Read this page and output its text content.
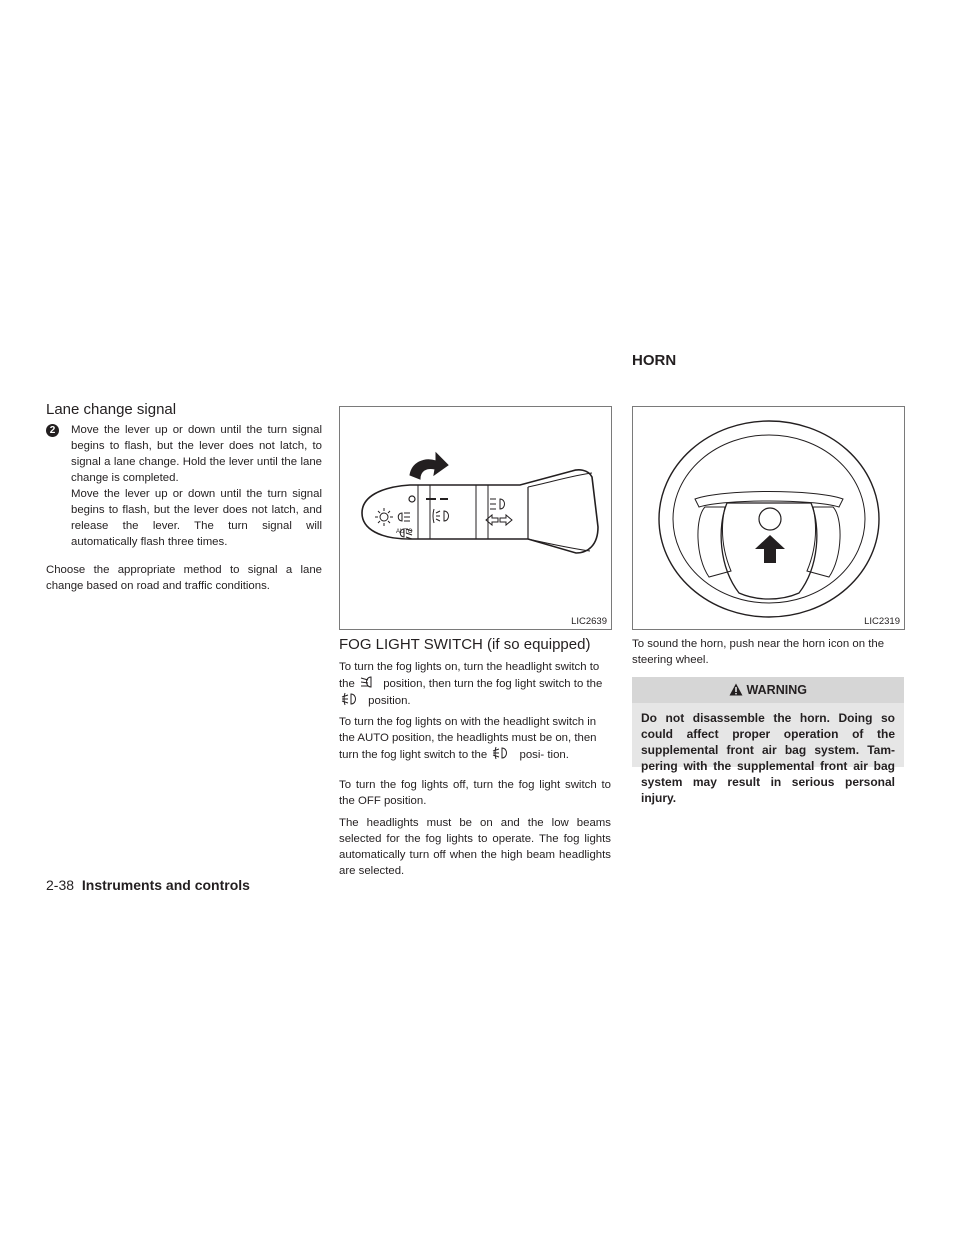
HORN
Lane change signal
2	Move the lever up or down until the turn signal begins to flash, but the lever does not latch, to signal a lane change. Hold the lever until the lane change is completed.
Move the lever up or down until the turn signal begins to flash, but the lever does not latch, and release the lever. The turn signal will automatically flash three times.
Choose the appropriate method to signal a lane change based on road and traffic conditions.
AUTO
LIC2639
FOG LIGHT SWITCH (if so equipped)
To turn the fog lights on, turn the headlight switch to the position, then turn the fog light switch to the  position.
To turn the fog lights on with the headlight switch in the AUTO position, the headlights must be on, then turn the fog light switch to the	posi- tion.
To turn the fog lights off, turn the fog light switch to the OFF position.
The headlights must be on and the low beams selected for the fog lights to operate. The fog lights automatically turn off when the high beam headlights are selected.
LIC2319
To sound the horn, push near the horn icon on the steering wheel.
WARNING
Do not disassemble the horn. Doing so could affect proper operation of the supplemental front air bag system. Tam- pering with the supplemental front air bag system may result in serious personal injury.
2-38 Instruments and controls
